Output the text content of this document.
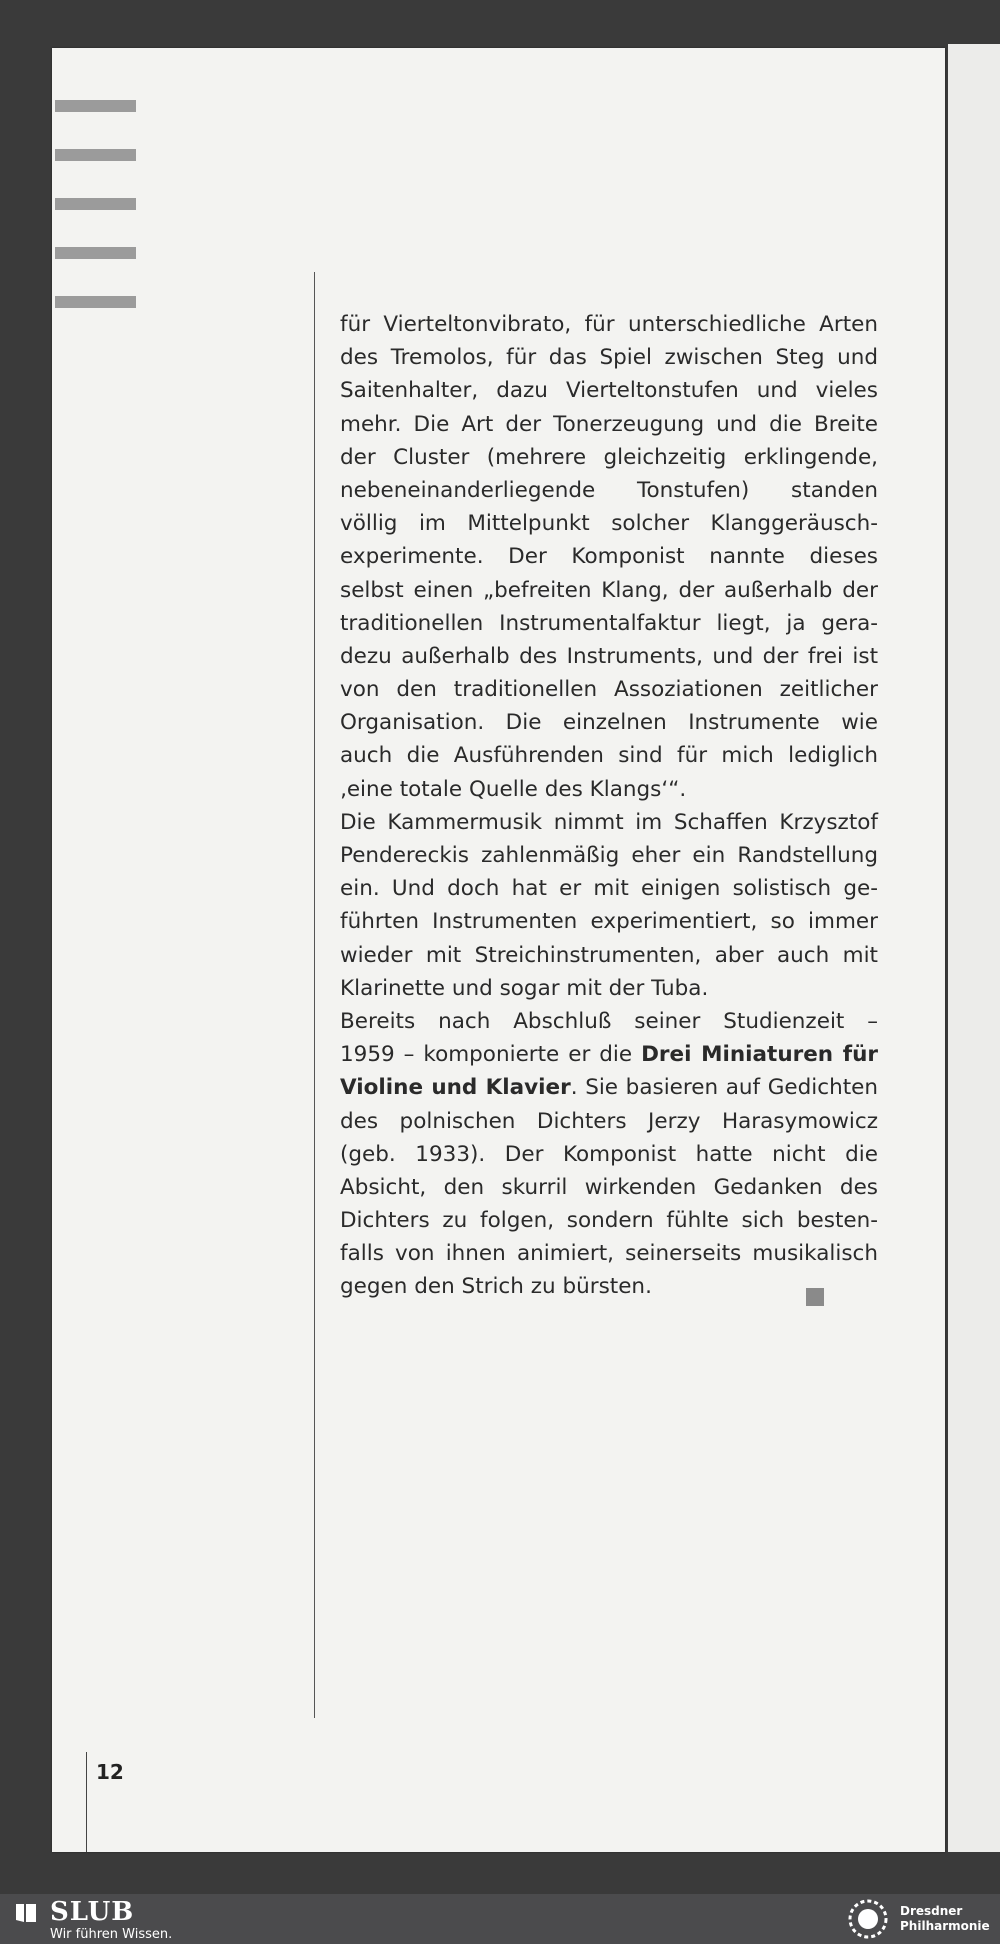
für Vierteltonvibrato, für unterschiedliche Arten
des Tremolos, für das Spiel zwischen Steg und
Saitenhalter, dazu Vierteltonstufen und vieles
mehr. Die Art der Tonerzeugung und die Breite
der Cluster (mehrere gleichzeitig erklingende,
nebeneinanderliegende Tonstufen) standen
völlig im Mittelpunkt solcher Klanggeräusch-
experimente. Der Komponist nannte dieses
selbst einen „befreiten Klang, der außerhalb der
traditionellen Instrumentalfaktur liegt, ja gera-
dezu außerhalb des Instruments, und der frei ist
von den traditionellen Assoziationen zeitlicher
Organisation. Die einzelnen Instrumente wie
auch die Ausführenden sind für mich lediglich
‚eine totale Quelle des Klangs‘“.
Die Kammermusik nimmt im Schaffen Krzysztof
Pendereckis zahlenmäßig eher ein Randstellung
ein. Und doch hat er mit einigen solistisch ge-
führten Instrumenten experimentiert, so immer
wieder mit Streichinstrumenten, aber auch mit
Klarinette und sogar mit der Tuba.
Bereits nach Abschluß seiner Studienzeit –
1959 – komponierte er die Drei Miniaturen für
Violine und Klavier. Sie basieren auf Gedichten
des polnischen Dichters Jerzy Harasymowicz
(geb. 1933). Der Komponist hatte nicht die
Absicht, den skurril wirkenden Gedanken des
Dichters zu folgen, sondern fühlte sich besten-
falls von ihnen animiert, seinerseits musikalisch
gegen den Strich zu bürsten.
12
SLUB
Wir führen Wissen.
Dresdner
Philharmonie
